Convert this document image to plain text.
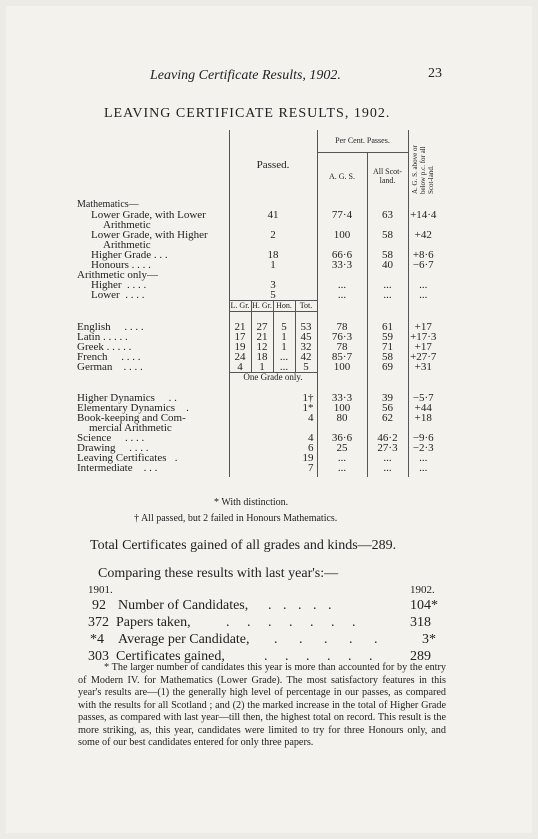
Leaving Certificate Results, 1902.	23
LEAVING CERTIFICATE RESULTS, 1902.
	Passed.				Per Cent. Passes.		A. G. S. above or below p.c. for all Scot-land.
					A. G. S.	All Scot-land.	
Mathematics—							
Lower Grade, with Lower	41				77·4	63	+14·4
Arithmetic							
Lower Grade, with Higher	2				100	58	+42
Arithmetic							
Higher Grade . . .	18				66·6	58	+8·6
Honours . . . .	1				33·3	40	−6·7
Arithmetic only—							
Higher . . . .	3				...	...	...
Lower . . . .	5				...	...	...
	L. Gr.	H. Gr.	Hon.	Tot.			

English . . . .	21	27	5	53	78	61	+17
Latin . . . . .	17	21	1	45	76·3	59	+17·3
Greek . . . . .	19	12	1	32	78	71	+17
French . . . .	24	18	...	42	85·7	58	+27·7
German . . . .	4	1	...	5	100	69	+31
	One Grade only.						

Higher Dynamics . .	1†				33·3	39	−5·7
Elementary Dynamics .	1*				100	56	+44
Book-keeping and Com-	4				80	62	+18
mercial Arithmetic							
Science . . . .	4				36·6	46·2	−9·6
Drawing . . . .	6				25	27·3	−2·3
Leaving Certificates .	19				...	...	...
Intermediate . . .	7				...	...	...
* With distinction.
† All passed, but 2 failed in Honours Mathematics.
Total Certificates gained of all grades and kinds—289.
Comparing these results with last year's:—
1901.	1902.
92 Number of Candidates, . . . . .	104*
372 Papers taken,	. . . . . . .	318
*4 Average per Candidate, . . . . .	3*
303 Certificates gained,	. . . . . . 289

* The larger number of candidates this year is more than accounted for by the entry of Modern IV. for Mathematics (Lower Grade). The most satisfactory features in this year's results are—(1) the generally high level of percentage in our passes, as compared with the results for all Scotland ; and (2) the marked increase in the total of Higher Grade passes, as compared with last year—till then, the highest total on record. This result is the more striking, as, this year, candidates were limited to try for three Honours only, and some of our best candidates entered for only three papers.
